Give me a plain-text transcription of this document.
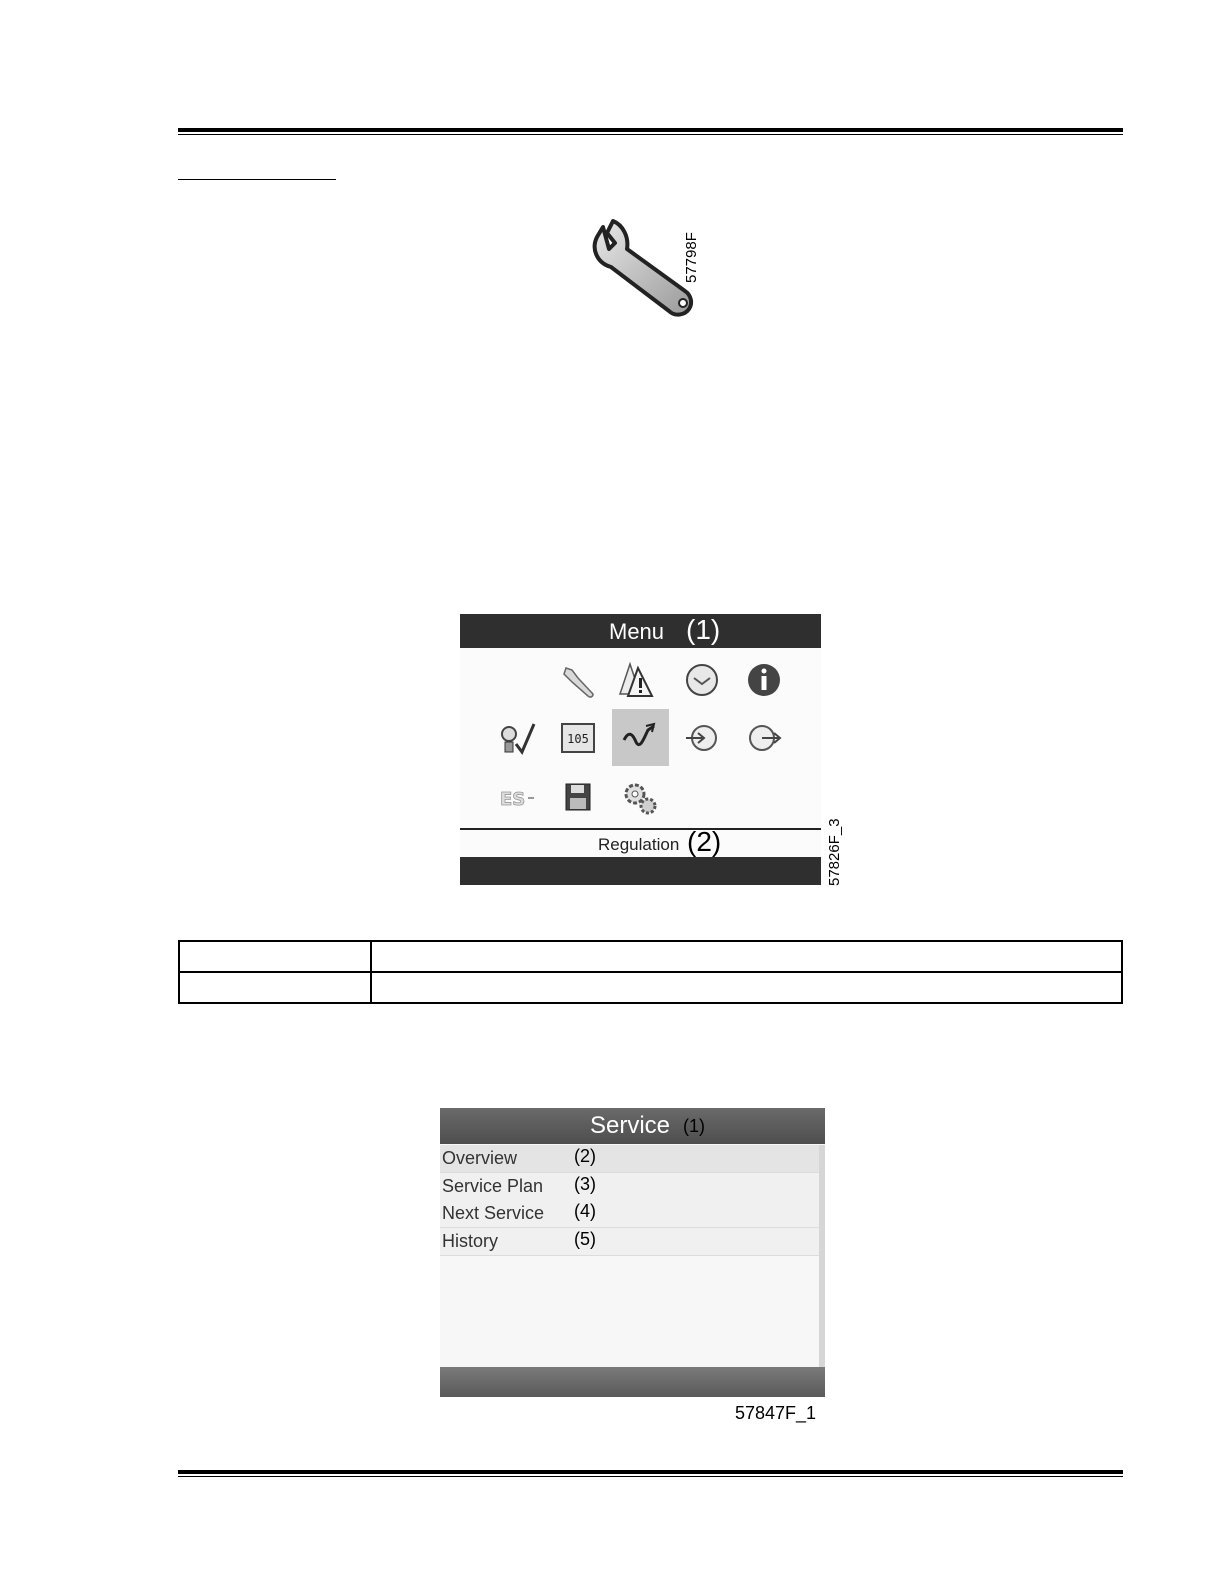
57798F
Menu (1)
105
ES
Regulation (2)	57826F_3

Service (1)
Overview	(2)
Service Plan (3)
Next Service (4)
History	(5)
57847F_1
